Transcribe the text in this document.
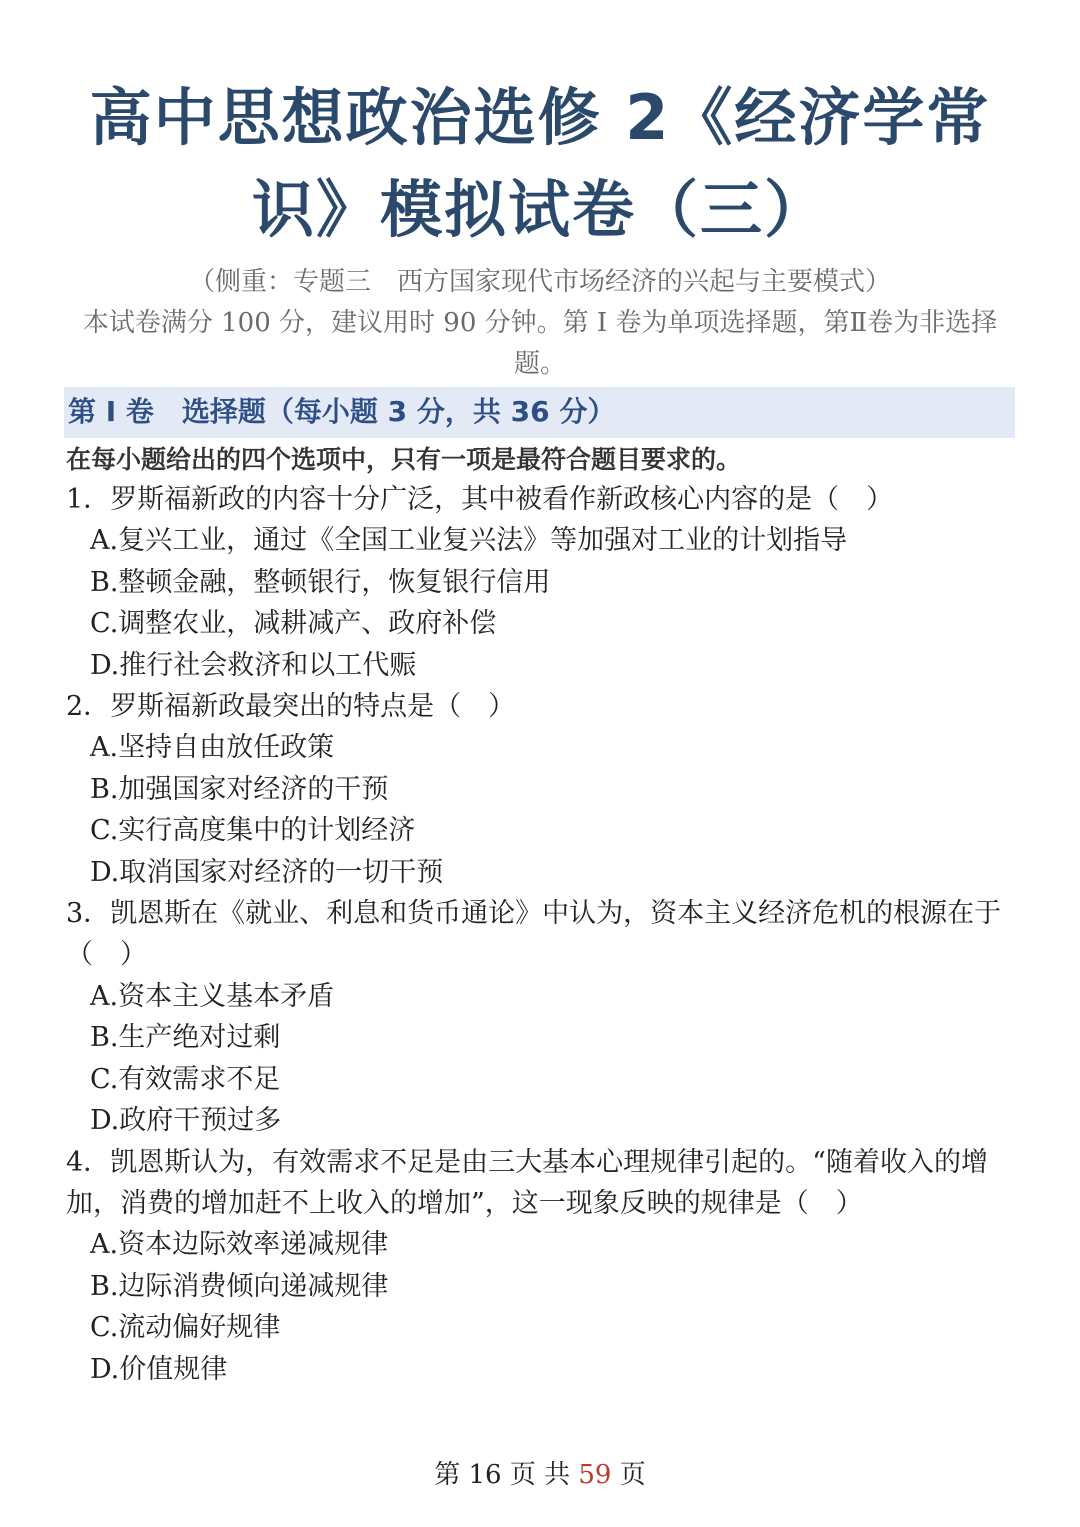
高中思想政治选修 2《经济学常识》模拟试卷（三）
（侧重：专题三　西方国家现代市场经济的兴起与主要模式）
本试卷满分 100 分，建议用时 90 分钟。第 I 卷为单项选择题，第Ⅱ卷为非选择题。
第 I 卷　选择题（每小题 3 分，共 36 分）
在每小题给出的四个选项中，只有一项是最符合题目要求的。
1．罗斯福新政的内容十分广泛，其中被看作新政核心内容的是（　）
A.复兴工业，通过《全国工业复兴法》等加强对工业的计划指导
B.整顿金融，整顿银行，恢复银行信用
C.调整农业，减耕减产、政府补偿
D.推行社会救济和以工代赈
2．罗斯福新政最突出的特点是（　）
A.坚持自由放任政策
B.加强国家对经济的干预
C.实行高度集中的计划经济
D.取消国家对经济的一切干预
3．凯恩斯在《就业、利息和货币通论》中认为，资本主义经济危机的根源在于（　）
A.资本主义基本矛盾
B.生产绝对过剩
C.有效需求不足
D.政府干预过多
4．凯恩斯认为，有效需求不足是由三大基本心理规律引起的。“随着收入的增加，消费的增加赶不上收入的增加”，这一现象反映的规律是（　）
A.资本边际效率递减规律
B.边际消费倾向递减规律
C.流动偏好规律
D.价值规律
第 16 页 共 59 页
